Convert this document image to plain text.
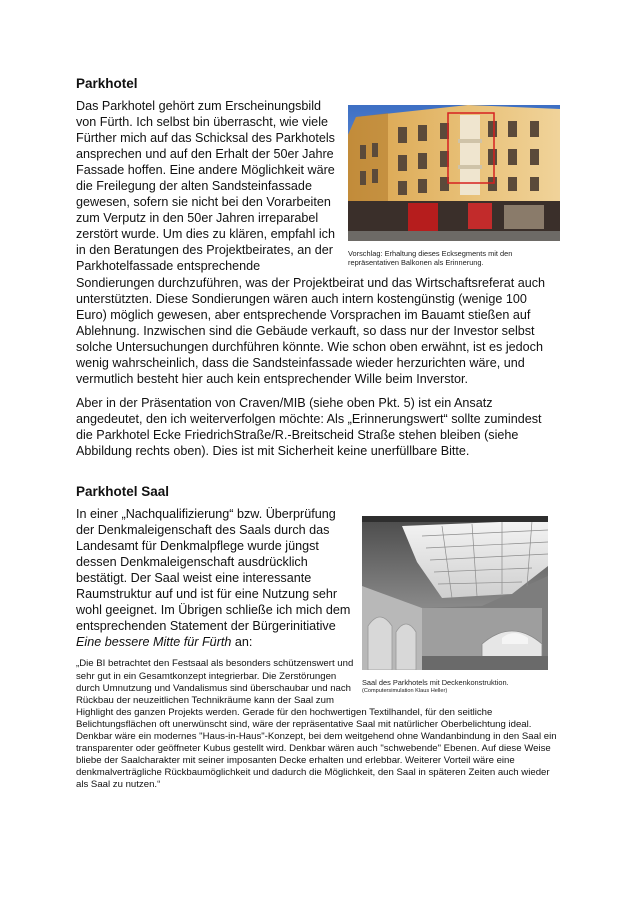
Parkhotel
Vorschlag: Erhaltung dieses Ecksegments mit den repräsentativen Balkonen als Erinnerung.

Das Parkhotel gehört zum Erscheinungsbild von Fürth. Ich selbst bin überrascht, wie viele Fürther mich auf das Schicksal des Parkhotels ansprechen und auf den Erhalt der 50er Jahre Fassade hoffen. Eine andere Möglichkeit wäre die Freilegung der alten Sandsteinfassade gewesen, sofern sie nicht bei den Vorarbeiten zum Verputz in den 50er Jahren irreparabel zerstört wurde. Um dies zu klären, empfahl ich in den Beratungen des Projektbeirates, an der Parkhotelfassade entsprechende Sondierungen durchzuführen, was der Projektbeirat und das Wirtschaftsreferat auch unterstützten. Diese Sondierungen wären auch intern kostengünstig (wenige 100 Euro) möglich gewesen, aber entsprechende Vorsprachen im Bauamt stießen auf Ablehnung. Inzwischen sind die Gebäude verkauft, so dass nur der Investor selbst solche Untersuchungen durchführen könnte. Wie schon oben erwähnt, ist es jedoch wenig wahrscheinlich, dass die Sandsteinfassade wieder herzurichten wäre, und vermutlich besteht hier auch kein entsprechender Wille beim Inverstor.

Aber in der Präsentation von Craven/MIB (siehe oben Pkt. 5) ist ein Ansatz angedeutet, den ich weiterverfolgen möchte: Als „Erinnerungswert“ sollte zumindest die Parkhotel Ecke FriedrichStraße/R.-Breitscheid Straße stehen bleiben (siehe Abbildung rechts oben). Dies ist mit Sicherheit keine unerfüllbare Bitte.

Parkhotel Saal
Saal des Parkhotels mit Deckenkonstruktion.
(Computersimulation Klaus Heller)

In einer „Nachqualifizierung“ bzw. Überprüfung der Denkmaleigenschaft des Saals durch das Landesamt für Denkmalpflege wurde jüngst dessen Denkmaleigenschaft ausdrücklich bestätigt. Der Saal weist eine interessante Raumstruktur auf und ist für eine Nutzung sehr wohl geeignet. Im Übrigen schließe ich mich dem entsprechenden Statement der Bürgerinitiative Eine bessere Mitte für Fürth an:

„Die BI betrachtet den Festsaal als besonders schützenswert und sehr gut in ein Gesamtkonzept integrierbar. Die Zerstörungen durch Umnutzung und Vandalismus sind überschaubar und nach Rückbau der neuzeitlichen Technikräume kann der Saal zum Highlight des ganzen Projekts werden. Gerade für den hochwertigen Textilhandel, für den seitliche Belichtungsflächen oft unerwünscht sind, wäre der repräsentative Saal mit natürlicher Oberbelichtung ideal. Denkbar wäre ein modernes "Haus-in-Haus"-Konzept, bei dem weitgehend ohne Wandanbindung in den Saal ein transparenter oder geöffneter Kubus gestellt wird. Denkbar wären auch "schwebende" Ebenen. Auf diese Weise bliebe der Saalcharakter mit seiner imposanten Decke erhalten und erlebbar. Weiterer Vorteil wäre eine denkmalverträgliche Rückbaumöglichkeit und dadurch die Möglichkeit, den Saal in späteren Zeiten auch wieder als Saal zu nutzen.“
